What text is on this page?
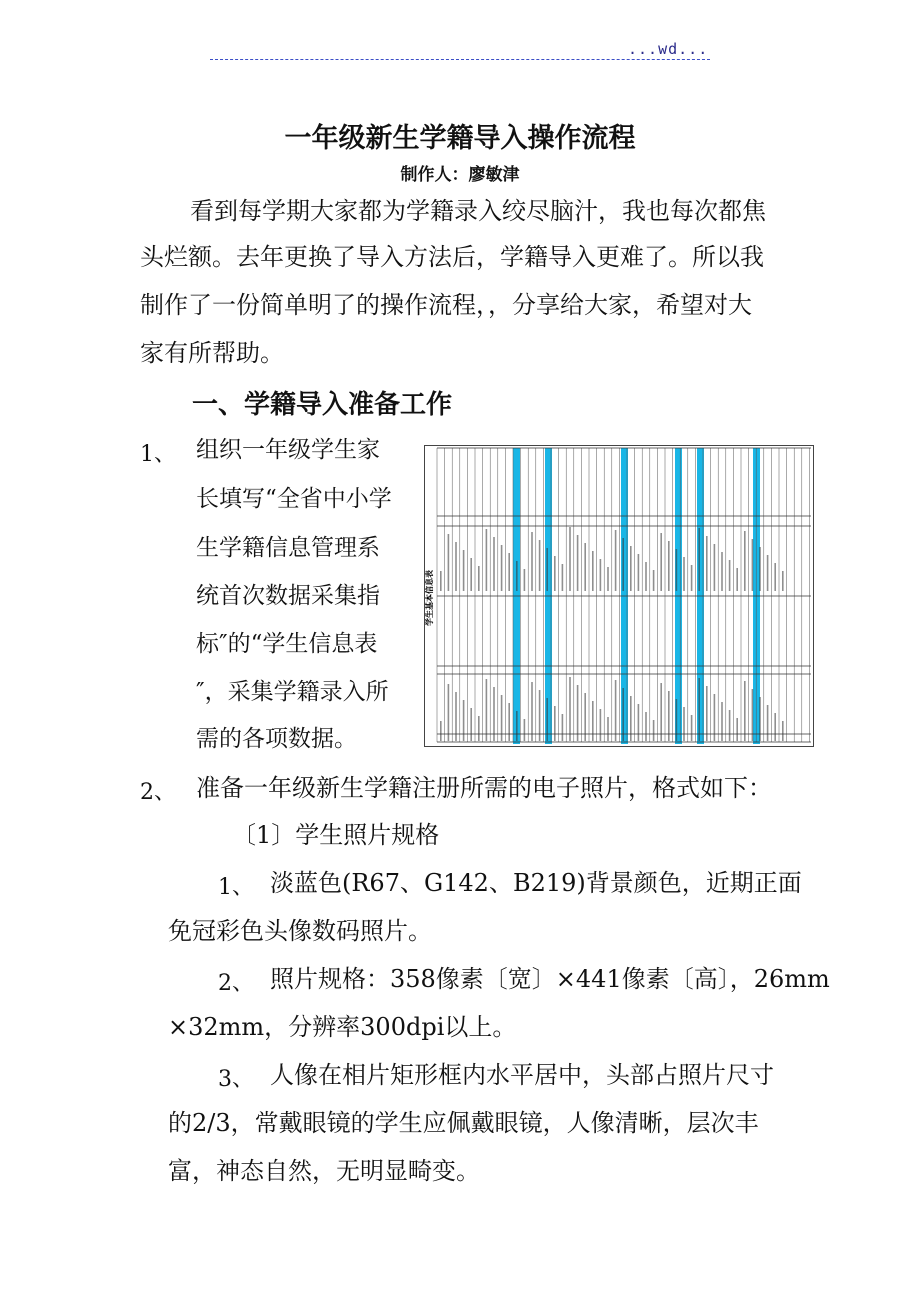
...wd...
一年级新生学籍导入操作流程
制作人：廖敏津
看到每学期大家都为学籍录入绞尽脑汁，我也每次都焦
头烂额。去年更换了导入方法后，学籍导入更难了。所以我
制作了一份简单明了的操作流程，，分享给大家，希望对大
家有所帮助。
一、学籍导入准备工作
1、 组织一年级学生家
长填写“全省中小学
生学籍信息管理系
统首次数据采集指
标″的“学生信息表
″，采集学籍录入所
需的各项数据。
学生基本信息表
2、 准备一年级新生学籍注册所需的电子照片，格式如下：
〔1〕学生照片规格
1、 淡蓝色(R67、G142、B219)背景颜色，近期正面
免冠彩色头像数码照片。
2、 照片规格：358像素〔宽〕×441像素〔高〕，26mm
×32mm，分辨率300dpi以上。
3、 人像在相片矩形框内水平居中，头部占照片尺寸
的2/3，常戴眼镜的学生应佩戴眼镜，人像清晰，层次丰
富，神态自然，无明显畸变。
